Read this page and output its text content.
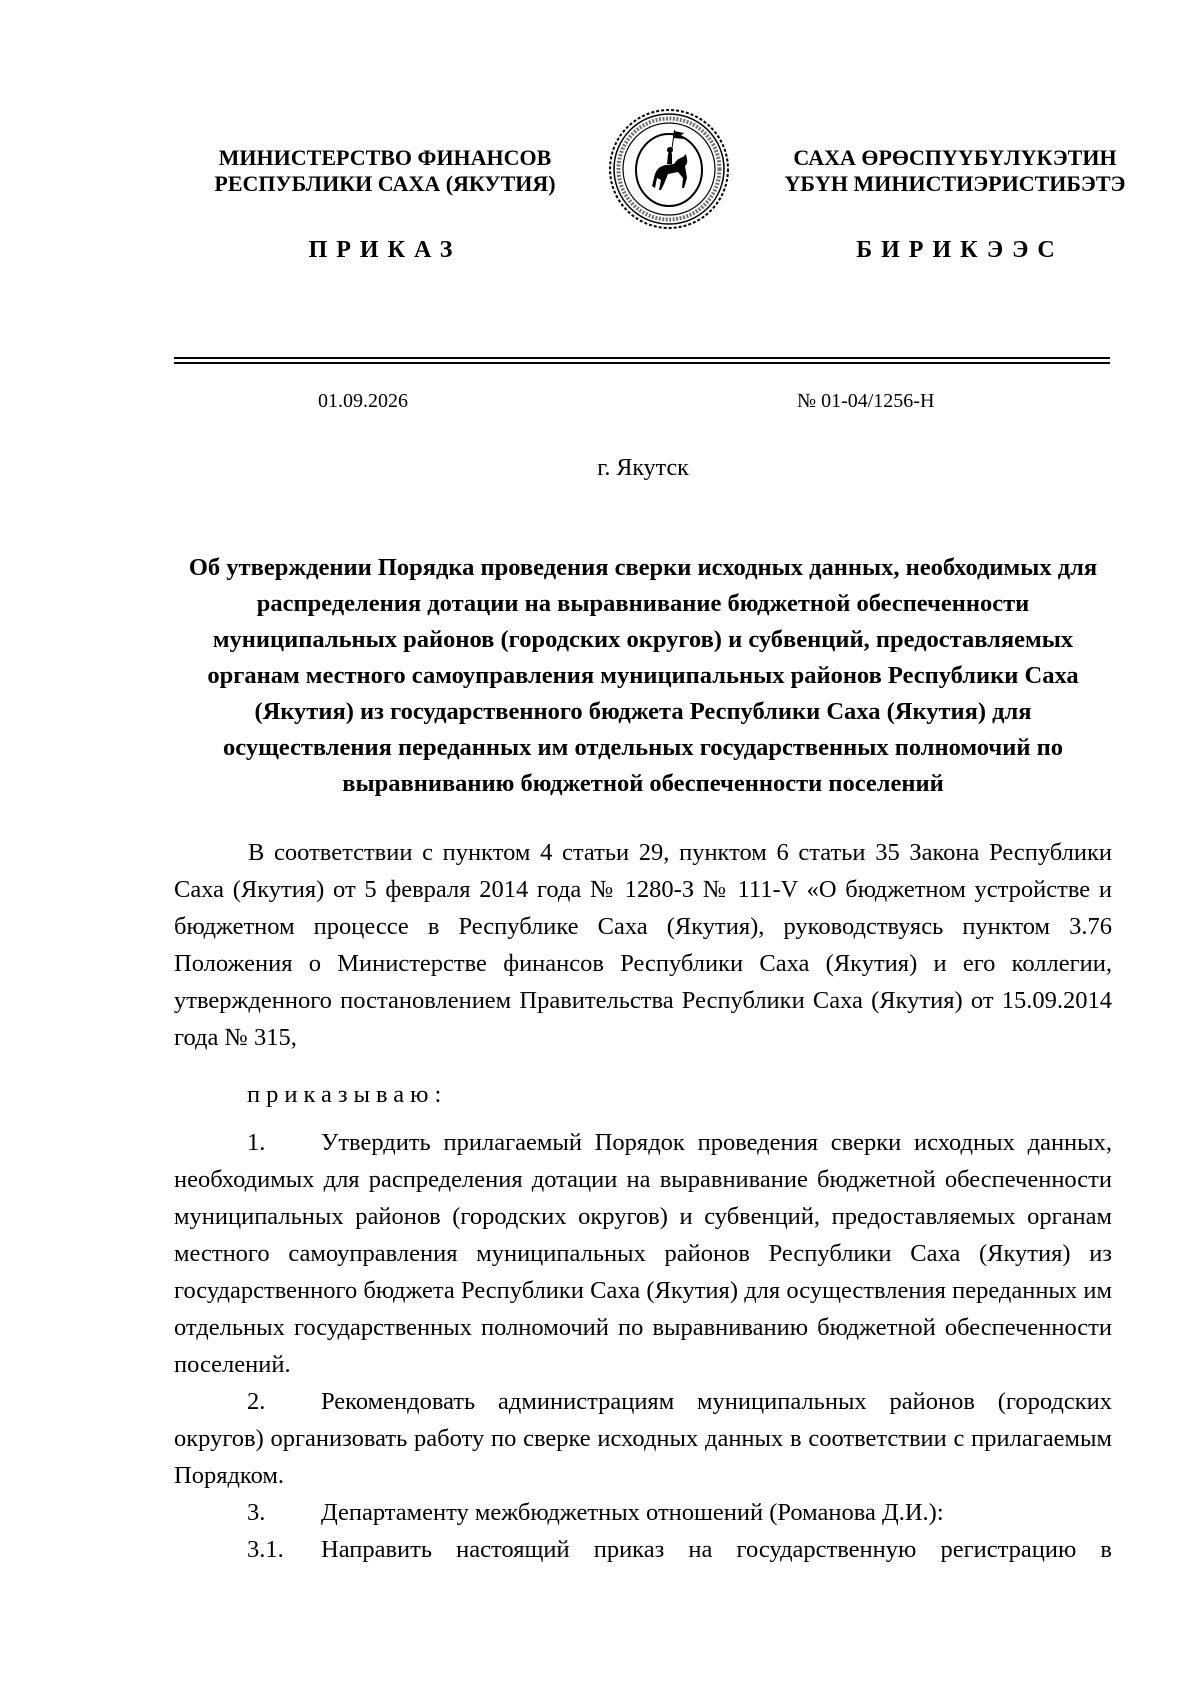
МИНИСТЕРСТВО ФИНАНСОВ
РЕСПУБЛИКИ САХА (ЯКУТИЯ)
САХА ӨРӨСПҮҮБҮЛҮКЭТИН
ҮБҮН МИНИСТИЭРИСТИБЭТЭ
ПРИКАЗ	БИРИКЭЭС
01.09.2026	№ 01-04/1256-Н
г. Якутск
Об утверждении Порядка проведения сверки исходных данных, необходимых для распределения дотации на выравнивание бюджетной обеспеченности муниципальных районов (городских округов) и субвенций, предоставляемых органам местного самоуправления муниципальных районов Республики Саха (Якутия) из государственного бюджета Республики Саха (Якутия) для осуществления переданных им отдельных государственных полномочий по выравниванию бюджетной обеспеченности поселений
В соответствии с пунктом 4 статьи 29, пунктом 6 статьи 35 Закона Республики Саха (Якутия) от 5 февраля 2014 года № 1280-З № 111-V «О бюджетном устройстве и бюджетном процессе в Республике Саха (Якутия), руководствуясь пунктом 3.76 Положения о Министерстве финансов Республики Саха (Якутия) и его коллегии, утвержденного постановлением Правительства Республики Саха (Якутия) от 15.09.2014 года № 315,
приказываю:
1. Утвердить прилагаемый Порядок проведения сверки исходных данных, необходимых для распределения дотации на выравнивание бюджетной обеспеченности муниципальных районов (городских округов) и субвенций, предоставляемых органам местного самоуправления муниципальных районов Республики Саха (Якутия) из государственного бюджета Республики Саха (Якутия) для осуществления переданных им отдельных государственных полномочий по выравниванию бюджетной обеспеченности поселений.
2. Рекомендовать администрациям муниципальных районов (городских округов) организовать работу по сверке исходных данных в соответствии с прилагаемым Порядком.
3. Департаменту межбюджетных отношений (Романова Д.И.):
3.1. Направить настоящий приказ на государственную регистрацию в
